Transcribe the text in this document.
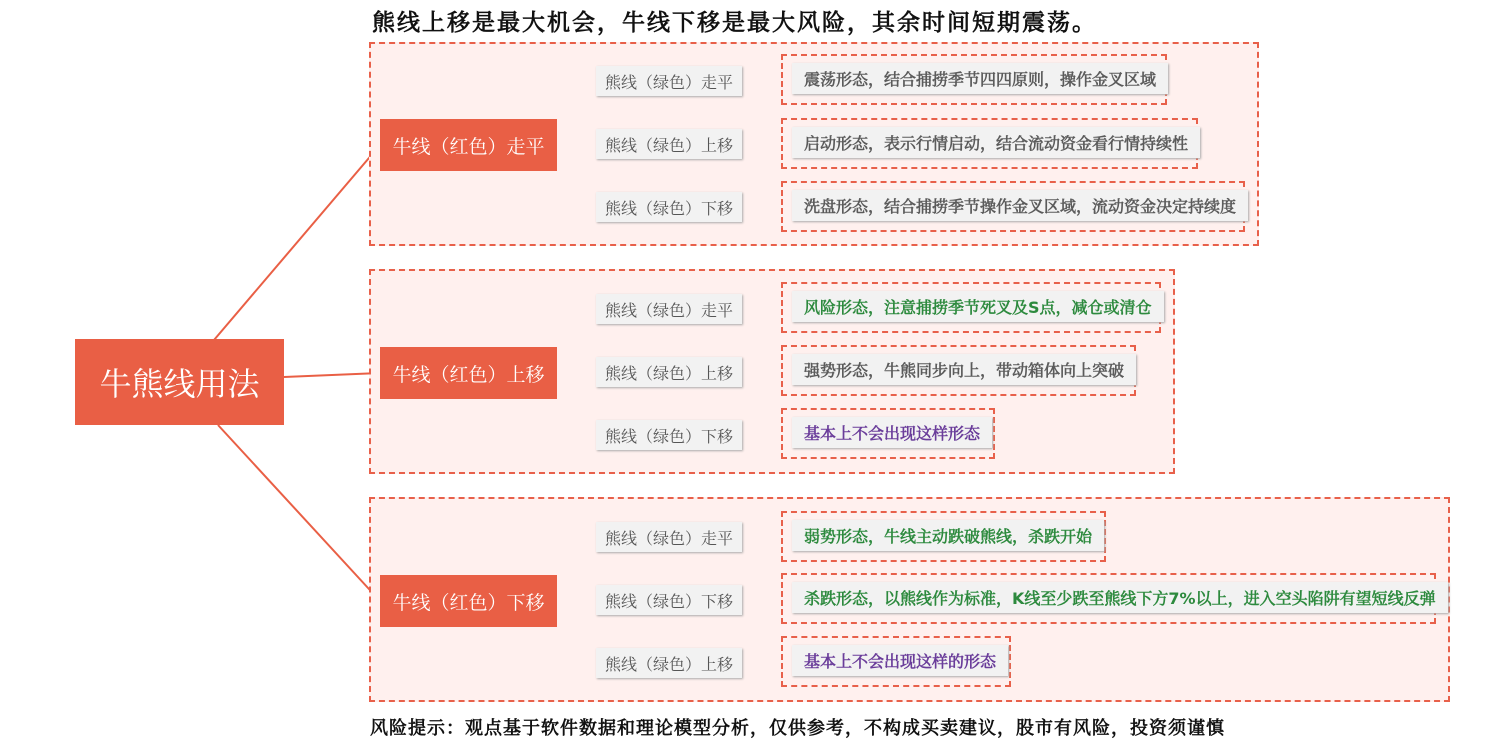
熊线上移是最大机会，牛线下移是最大风险，其余时间短期震荡。
牛熊线用法
牛线（红色）走平
熊线（绿色）走平
熊线（绿色）上移
熊线（绿色）下移
震荡形态，结合捕捞季节四四原则，操作金叉区域
启动形态，表示行情启动，结合流动资金看行情持续性
洗盘形态，结合捕捞季节操作金叉区域，流动资金决定持续度
牛线（红色）上移
熊线（绿色）走平
熊线（绿色）上移
熊线（绿色）下移
风险形态，注意捕捞季节死叉及S点，减仓或清仓
强势形态，牛熊同步向上，带动箱体向上突破
基本上不会出现这样形态
牛线（红色）下移
熊线（绿色）走平
熊线（绿色）下移
熊线（绿色）上移
弱势形态，牛线主动跌破熊线，杀跌开始
杀跌形态，以熊线作为标准，K线至少跌至熊线下方7%以上，进入空头陷阱有望短线反弹
基本上不会出现这样的形态
风险提示：观点基于软件数据和理论模型分析，仅供参考，不构成买卖建议，股市有风险，投资须谨慎
